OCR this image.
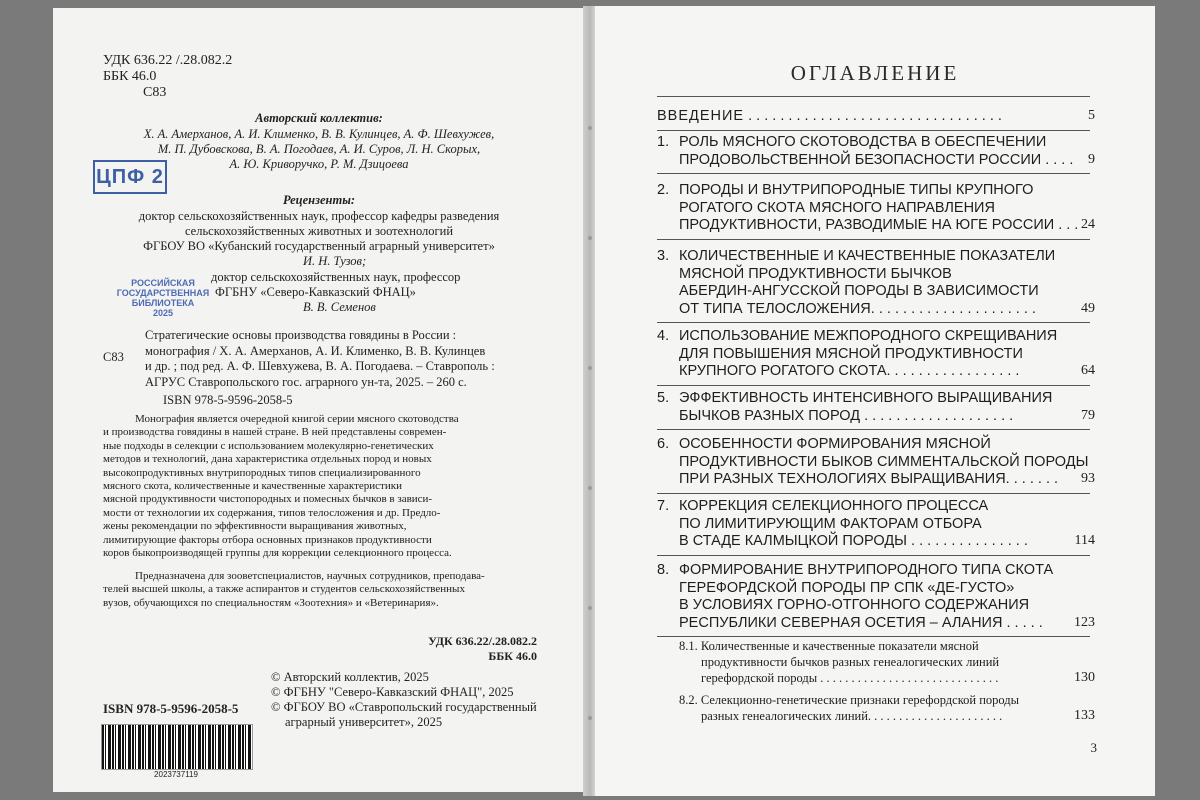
УДК 636.22 /.28.082.2
ББК 46.0
С83
Авторский коллектив:
Х. А. Амерханов, А. И. Клименко, В. В. Кулинцев, А. Ф. Шевхужев,
М. П. Дубовскова, В. А. Погодаев, А. И. Суров, Л. Н. Скорых,
А. Ю. Криворучко, Р. М. Дзицоева
ЦПФ 2
Рецензенты:
доктор сельскохозяйственных наук, профессор кафедры разведения
сельскохозяйственных животных и зоотехнологий
ФГБОУ ВО «Кубанский государственный аграрный университет»
И. Н. Тузов;
доктор сельскохозяйственных наук, профессор
ФГБНУ «Северо-Кавказский ФНАЦ»
В. В. Семенов
РОССИЙСКАЯ
ГОСУДАРСТВЕННАЯ
БИБЛИОТЕКА
2025
С83
Стратегические основы производства говядины в России :
монография / Х. А. Амерханов, А. И. Клименко, В. В. Кулинцев
и др. ; под ред. А. Ф. Шевхужева, В. А. Погодаева. – Ставрополь :
АГРУС Ставропольского гос. аграрного ун-та, 2025. – 260 с.
ISBN 978-5-9596-2058-5
Монография является очередной книгой серии мясного скотоводства
и производства говядины в нашей стране. В ней представлены современ-
ные подходы в селекции с использованием молекулярно-генетических
методов и технологий, дана характеристика отдельных пород и новых
высокопродуктивных внутрипородных типов специализированного
мясного скота, количественные и качественные характеристики
мясной продуктивности чистопородных и помесных бычков в зависи-
мости от технологии их содержания, типов телосложения и др. Предло-
жены рекомендации по эффективности выращивания животных,
лимитирующие факторы отбора основных признаков продуктивности
коров быкопроизводящей группы для коррекции селекционного процесса.
Предназначена для зооветспециалистов, научных сотрудников, преподава-
телей высшей школы, а также аспирантов и студентов сельскохозяйственных
вузов, обучающихся по специальностям «Зоотехния» и «Ветеринария».
УДК 636.22/.28.082.2
ББК 46.0
ISBN 978-5-9596-2058-5
© Авторский коллектив, 2025
© ФГБНУ "Северо-Кавказский ФНАЦ", 2025
© ФГБОУ ВО «Ставропольский государственный
аграрный университет», 2025
2023737119
ОГЛАВЛЕНИЕ
ВВЕДЕНИЕ . . . . . . . . . . . . . . . . . . . . . . . . . . . . . . . .	5
1. РОЛЬ МЯСНОГО СКОТОВОДСТВА В ОБЕСПЕЧЕНИИ
ПРОДОВОЛЬСТВЕННОЙ БЕЗОПАСНОСТИ РОССИИ . . . .	9
2. ПОРОДЫ И ВНУТРИПОРОДНЫЕ ТИПЫ КРУПНОГО
РОГАТОГО СКОТА МЯСНОГО НАПРАВЛЕНИЯ
ПРОДУКТИВНОСТИ, РАЗВОДИМЫЕ НА ЮГЕ РОССИИ . . . 24
3. КОЛИЧЕСТВЕННЫЕ И КАЧЕСТВЕННЫЕ ПОКАЗАТЕЛИ
МЯСНОЙ ПРОДУКТИВНОСТИ БЫЧКОВ
АБЕРДИН-АНГУССКОЙ ПОРОДЫ В ЗАВИСИМОСТИ
ОТ ТИПА ТЕЛОСЛОЖЕНИЯ. . . . . . . . . . . . . . . . . . . . .	49
4. ИСПОЛЬЗОВАНИЕ МЕЖПОРОДНОГО СКРЕЩИВАНИЯ
ДЛЯ ПОВЫШЕНИЯ МЯСНОЙ ПРОДУКТИВНОСТИ
КРУПНОГО РОГАТОГО СКОТА. . . . . . . . . . . . . . . . .	64
5. ЭФФЕКТИВНОСТЬ ИНТЕНСИВНОГО ВЫРАЩИВАНИЯ
БЫЧКОВ РАЗНЫХ ПОРОД . . . . . . . . . . . . . . . . . . .	79
6. ОСОБЕННОСТИ ФОРМИРОВАНИЯ МЯСНОЙ
ПРОДУКТИВНОСТИ БЫКОВ СИММЕНТАЛЬСКОЙ ПОРОДЫ
ПРИ РАЗНЫХ ТЕХНОЛОГИЯХ ВЫРАЩИВАНИЯ. . . . . . .	93
7. КОРРЕКЦИЯ СЕЛЕКЦИОННОГО ПРОЦЕССА
ПО ЛИМИТИРУЮЩИМ ФАКТОРАМ ОТБОРА
В СТАДЕ КАЛМЫЦКОЙ ПОРОДЫ . . . . . . . . . . . . . . .	114
8. ФОРМИРОВАНИЕ ВНУТРИПОРОДНОГО ТИПА СКОТА
ГЕРЕФОРДСКОЙ ПОРОДЫ ПР СПК «ДЕ-ГУСТО»
В УСЛОВИЯХ ГОРНО-ОТГОННОГО СОДЕРЖАНИЯ
РЕСПУБЛИКИ СЕВЕРНАЯ ОСЕТИЯ – АЛАНИЯ . . . . .	123
8.1. Количественные и качественные показатели мясной
продуктивности бычков разных генеалогических линий
герефордской породы . . . . . . . . . . . . . . . . . . . . . . . . . . . . .	130
8.2. Селекционно-генетические признаки герефордской породы
разных генеалогических линий. . . . . . . . . . . . . . . . . . . . . .	133
3
